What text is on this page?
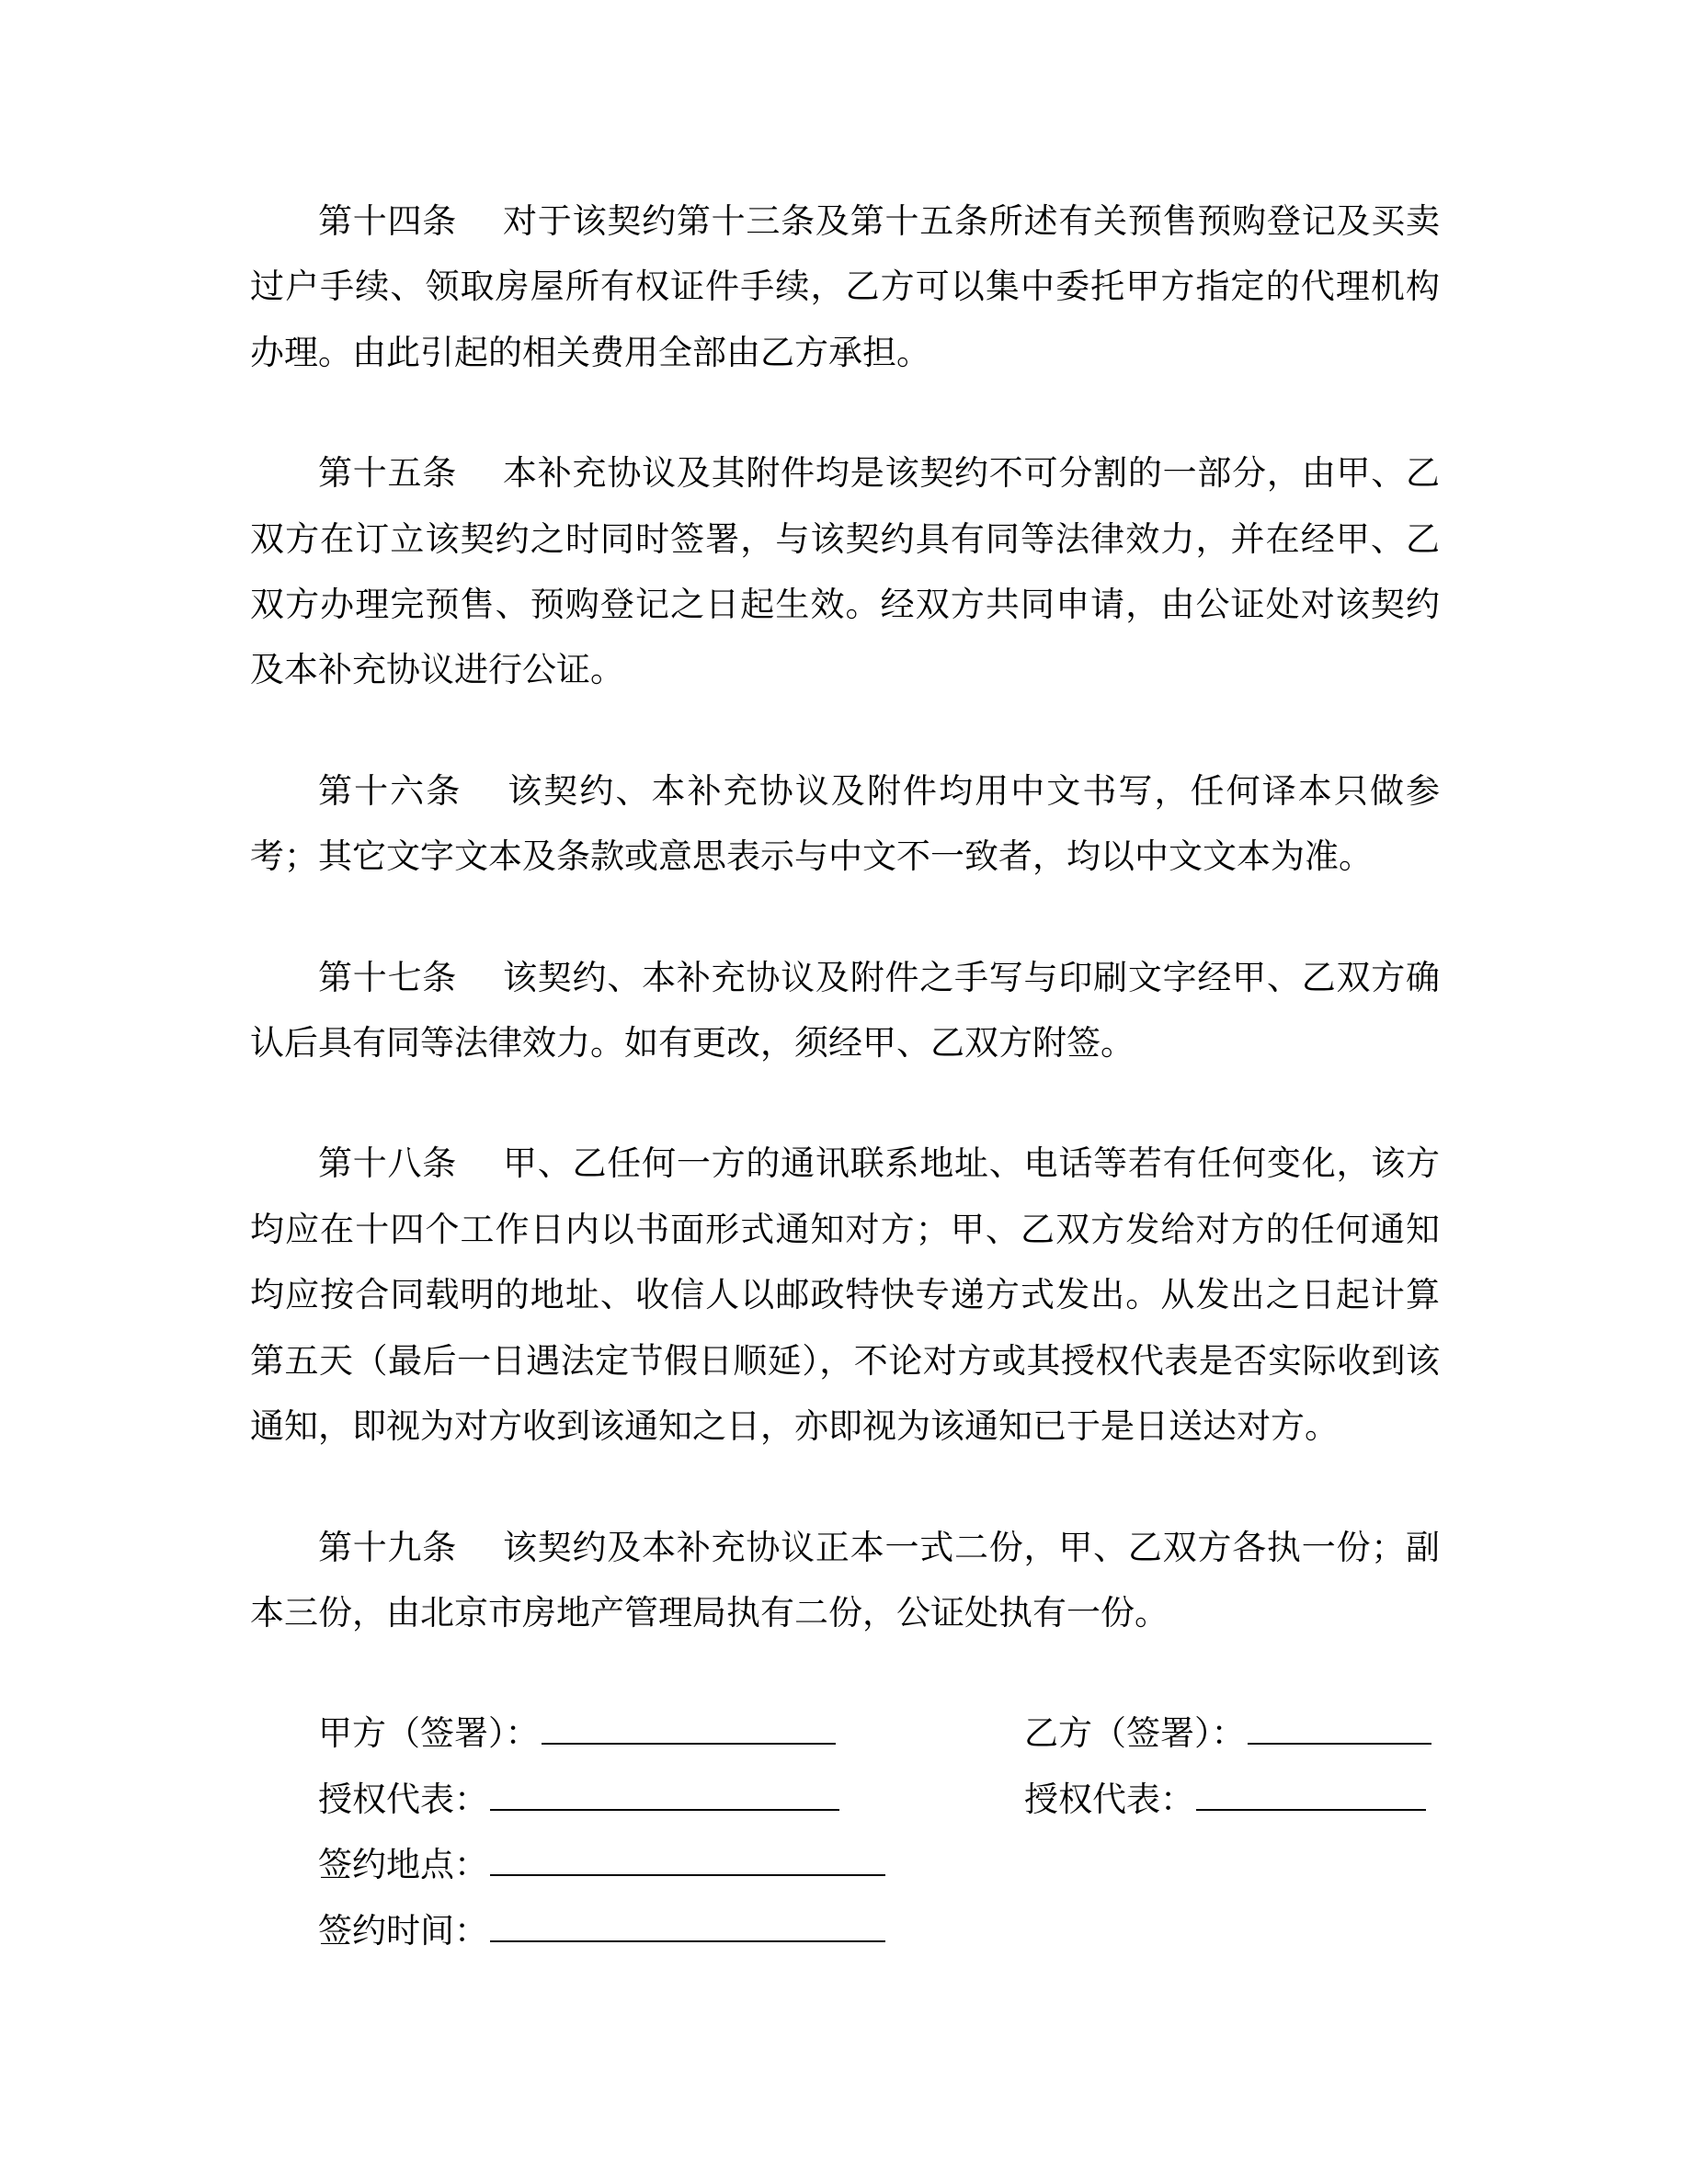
第十四条 对于该契约第十三条及第十五条所述有关预售预购登记及买卖过户手续、领取房屋所有权证件手续，乙方可以集中委托甲方指定的代理机构办理。由此引起的相关费用全部由乙方承担。

第十五条 本补充协议及其附件均是该契约不可分割的一部分，由甲、乙双方在订立该契约之时同时签署，与该契约具有同等法律效力，并在经甲、乙双方办理完预售、预购登记之日起生效。经双方共同申请，由公证处对该契约及本补充协议进行公证。

第十六条 该契约、本补充协议及附件均用中文书写，任何译本只做参考；其它文字文本及条款或意思表示与中文不一致者，均以中文文本为准。

第十七条 该契约、本补充协议及附件之手写与印刷文字经甲、乙双方确认后具有同等法律效力。如有更改，须经甲、乙双方附签。

第十八条 甲、乙任何一方的通讯联系地址、电话等若有任何变化，该方均应在十四个工作日内以书面形式通知对方；甲、乙双方发给对方的任何通知均应按合同载明的地址、收信人以邮政特快专递方式发出。从发出之日起计算第五天（最后一日遇法定节假日顺延），不论对方或其授权代表是否实际收到该通知，即视为对方收到该通知之日，亦即视为该通知已于是日送达对方。

第十九条 该契约及本补充协议正本一式二份，甲、乙双方各执一份；副本三份，由北京市房地产管理局执有二份，公证处执有一份。

甲方（签署）：	乙方（签署）：
授权代表：	授权代表：
签约地点：
签约时间：
